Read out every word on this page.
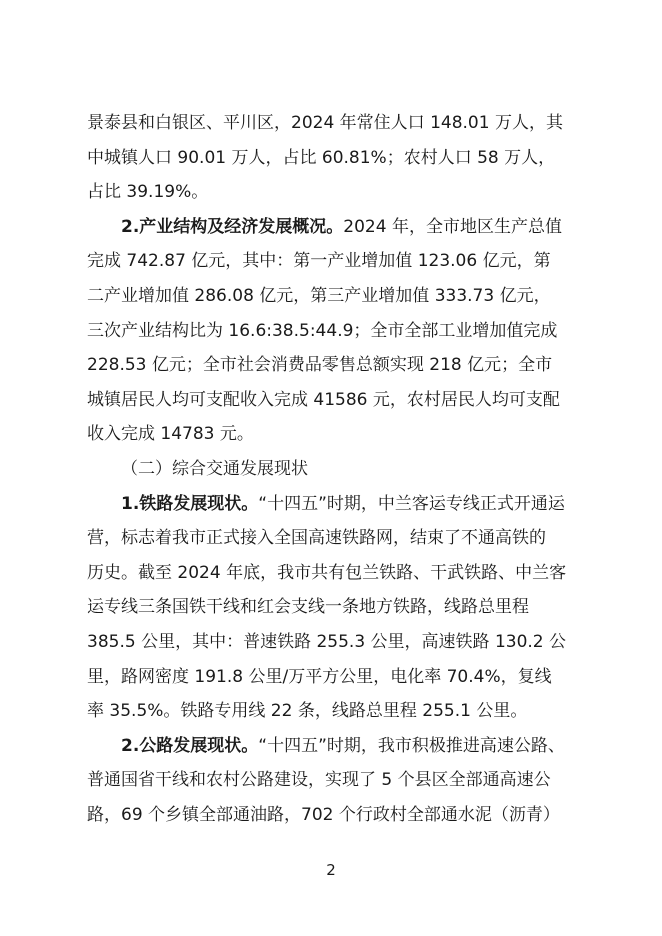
景泰县和白银区、平川区，2024 年常住人口 148.01 万人，其
中城镇人口 90.01 万人，占比 60.81%；农村人口 58 万人，
占比 39.19%。
2.产业结构及经济发展概况。2024 年，全市地区生产总值
完成 742.87 亿元，其中：第一产业增加值 123.06 亿元，第
二产业增加值 286.08 亿元，第三产业增加值 333.73 亿元，
三次产业结构比为 16.6:38.5:44.9；全市全部工业增加值完成
228.53 亿元；全市社会消费品零售总额实现 218 亿元；全市
城镇居民人均可支配收入完成 41586 元，农村居民人均可支配
收入完成 14783 元。
（二）综合交通发展现状
1.铁路发展现状。“十四五”时期，中兰客运专线正式开通运
营，标志着我市正式接入全国高速铁路网，结束了不通高铁的
历史。截至 2024 年底，我市共有包兰铁路、干武铁路、中兰客
运专线三条国铁干线和红会支线一条地方铁路，线路总里程
385.5 公里，其中：普速铁路 255.3 公里，高速铁路 130.2 公
里，路网密度 191.8 公里/万平方公里，电化率 70.4%，复线
率 35.5%。铁路专用线 22 条，线路总里程 255.1 公里。
2.公路发展现状。“十四五”时期，我市积极推进高速公路、
普通国省干线和农村公路建设，实现了 5 个县区全部通高速公
路，69 个乡镇全部通油路，702 个行政村全部通水泥（沥青）
2
